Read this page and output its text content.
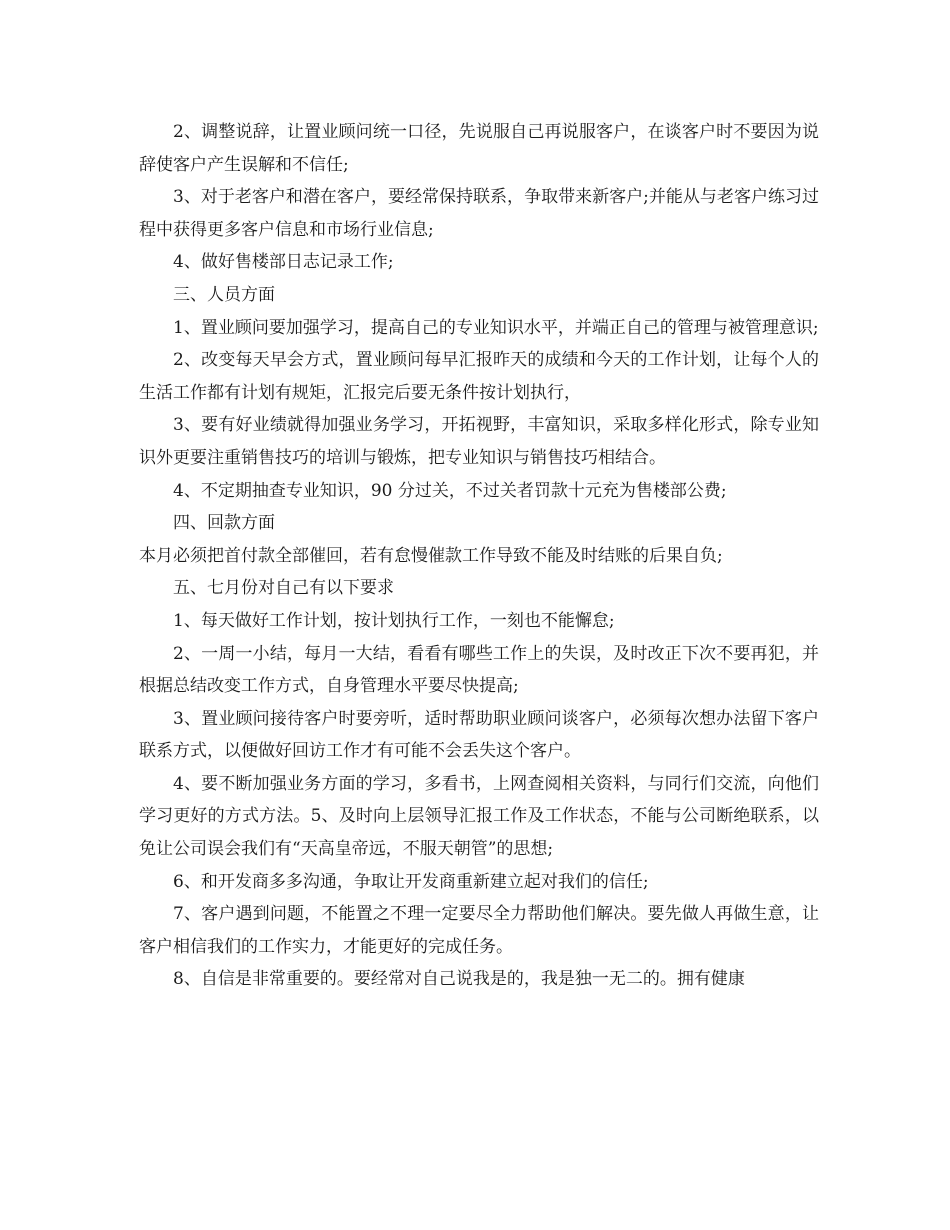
2、调整说辞，让置业顾问统一口径，先说服自己再说服客户，在谈客户时不要因为说辞使客户产生误解和不信任;

3、对于老客户和潜在客户，要经常保持联系，争取带来新客户;并能从与老客户练习过程中获得更多客户信息和市场行业信息;

4、做好售楼部日志记录工作;

三、人员方面

1、置业顾问要加强学习，提高自己的专业知识水平，并端正自己的管理与被管理意识;

2、改变每天早会方式，置业顾问每早汇报昨天的成绩和今天的工作计划，让每个人的生活工作都有计划有规矩，汇报完后要无条件按计划执行，

3、要有好业绩就得加强业务学习，开拓视野，丰富知识，采取多样化形式，除专业知识外更要注重销售技巧的培训与锻炼，把专业知识与销售技巧相结合。

4、不定期抽查专业知识，90 分过关，不过关者罚款十元充为售楼部公费;

四、回款方面

本月必须把首付款全部催回，若有怠慢催款工作导致不能及时结账的后果自负;

五、七月份对自己有以下要求

1、每天做好工作计划，按计划执行工作，一刻也不能懈怠;

2、一周一小结，每月一大结，看看有哪些工作上的失误，及时改正下次不要再犯，并根据总结改变工作方式，自身管理水平要尽快提高;

3、置业顾问接待客户时要旁听，适时帮助职业顾问谈客户，必须每次想办法留下客户联系方式，以便做好回访工作才有可能不会丢失这个客户。

4、要不断加强业务方面的学习，多看书，上网查阅相关资料，与同行们交流，向他们学习更好的方式方法。5、及时向上层领导汇报工作及工作状态，不能与公司断绝联系，以免让公司误会我们有“天高皇帝远，不服天朝管”的思想;

6、和开发商多多沟通，争取让开发商重新建立起对我们的信任;

7、客户遇到问题，不能置之不理一定要尽全力帮助他们解决。要先做人再做生意，让客户相信我们的工作实力，才能更好的完成任务。

8、自信是非常重要的。要经常对自己说我是的，我是独一无二的。拥有健康
